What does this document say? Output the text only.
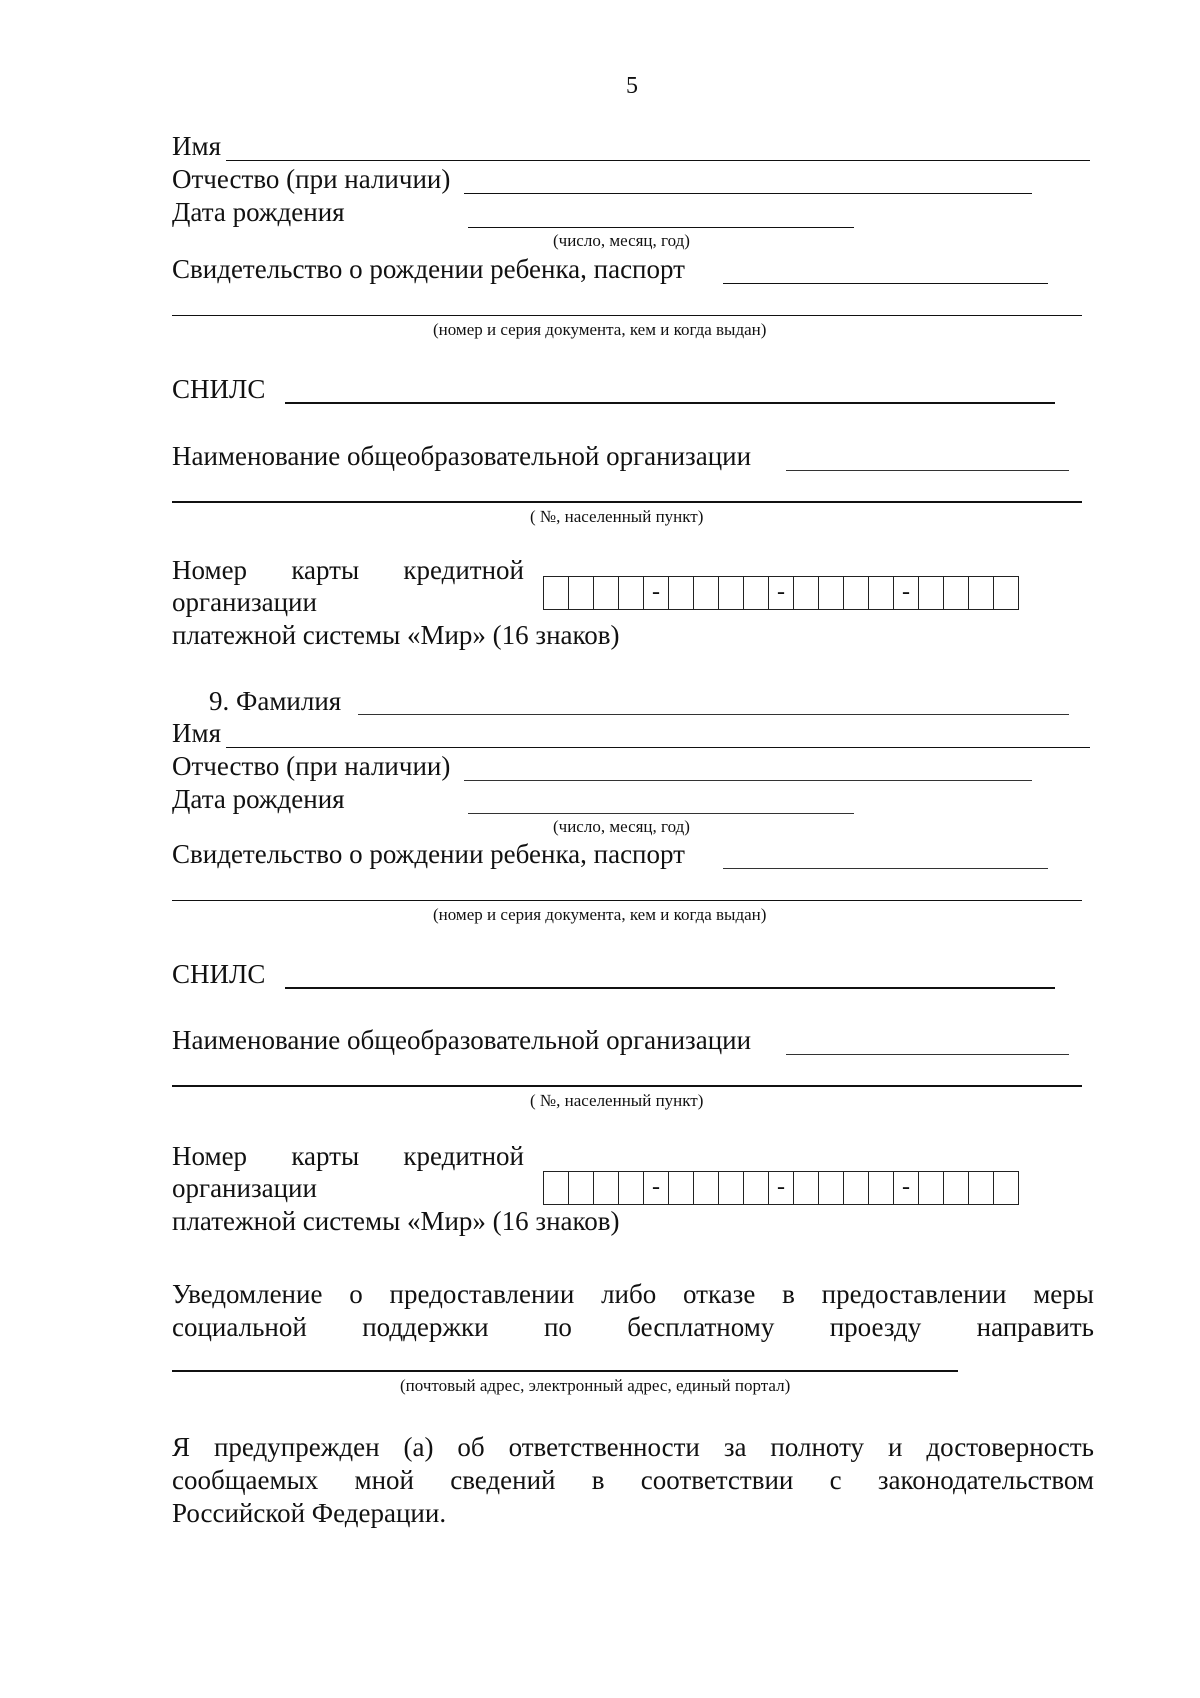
5
Имя
Отчество (при наличии)
Дата рождения
(число, месяц, год)
Свидетельство о рождении ребенка, паспорт
(номер и серия документа, кем и когда выдан)
СНИЛС
Наименование общеобразовательной организации
( №, населенный пункт)
Номер карты кредитной
организации
платежной системы «Мир» (16 знаков)
-	-	-
9. Фамилия
Имя
Отчество (при наличии)
Дата рождения
(число, месяц, год)
Свидетельство о рождении ребенка, паспорт
(номер и серия документа, кем и когда выдан)
СНИЛС
Наименование общеобразовательной организации
( №, населенный пункт)
Номер карты кредитной
организации
платежной системы «Мир» (16 знаков)
-	-	-
Уведомление о предоставлении либо отказе в предоставлении меры
социальной поддержки по бесплатному проезду направить
(почтовый адрес, электронный адрес, единый портал)
Я предупрежден (а) об ответственности за полноту и достоверность
сообщаемых мной сведений в соответствии с законодательством
Российской Федерации.
